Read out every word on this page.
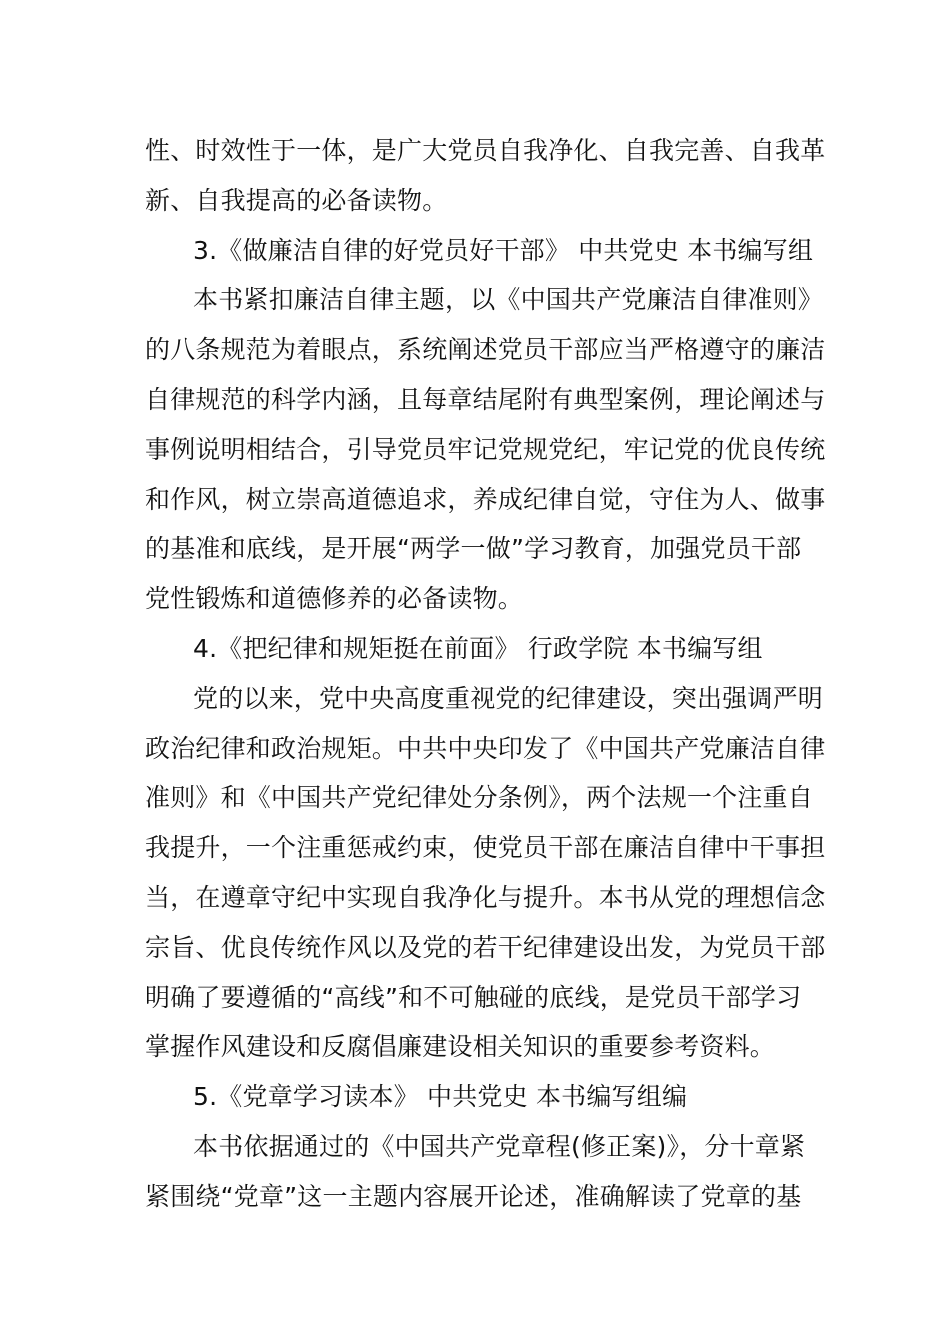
性、时效性于一体，是广大党员自我净化、自我完善、自我革
新、自我提高的必备读物。
3.《做廉洁自律的好党员好干部》 中共党史 本书编写组
本书紧扣廉洁自律主题，以《中国共产党廉洁自律准则》
的八条规范为着眼点，系统阐述党员干部应当严格遵守的廉洁
自律规范的科学内涵，且每章结尾附有典型案例，理论阐述与
事例说明相结合，引导党员牢记党规党纪，牢记党的优良传统
和作风，树立崇高道德追求，养成纪律自觉，守住为人、做事
的基准和底线，是开展“两学一做”学习教育，加强党员干部
党性锻炼和道德修养的必备读物。
4.《把纪律和规矩挺在前面》 行政学院 本书编写组
党的以来，党中央高度重视党的纪律建设，突出强调严明
政治纪律和政治规矩。中共中央印发了《中国共产党廉洁自律
准则》和《中国共产党纪律处分条例》，两个法规一个注重自
我提升，一个注重惩戒约束，使党员干部在廉洁自律中干事担
当，在遵章守纪中实现自我净化与提升。本书从党的理想信念
宗旨、优良传统作风以及党的若干纪律建设出发，为党员干部
明确了要遵循的“高线”和不可触碰的底线，是党员干部学习
掌握作风建设和反腐倡廉建设相关知识的重要参考资料。
5.《党章学习读本》 中共党史 本书编写组编
本书依据通过的《中国共产党章程(修正案)》，分十章紧
紧围绕“党章”这一主题内容展开论述，准确解读了党章的基
